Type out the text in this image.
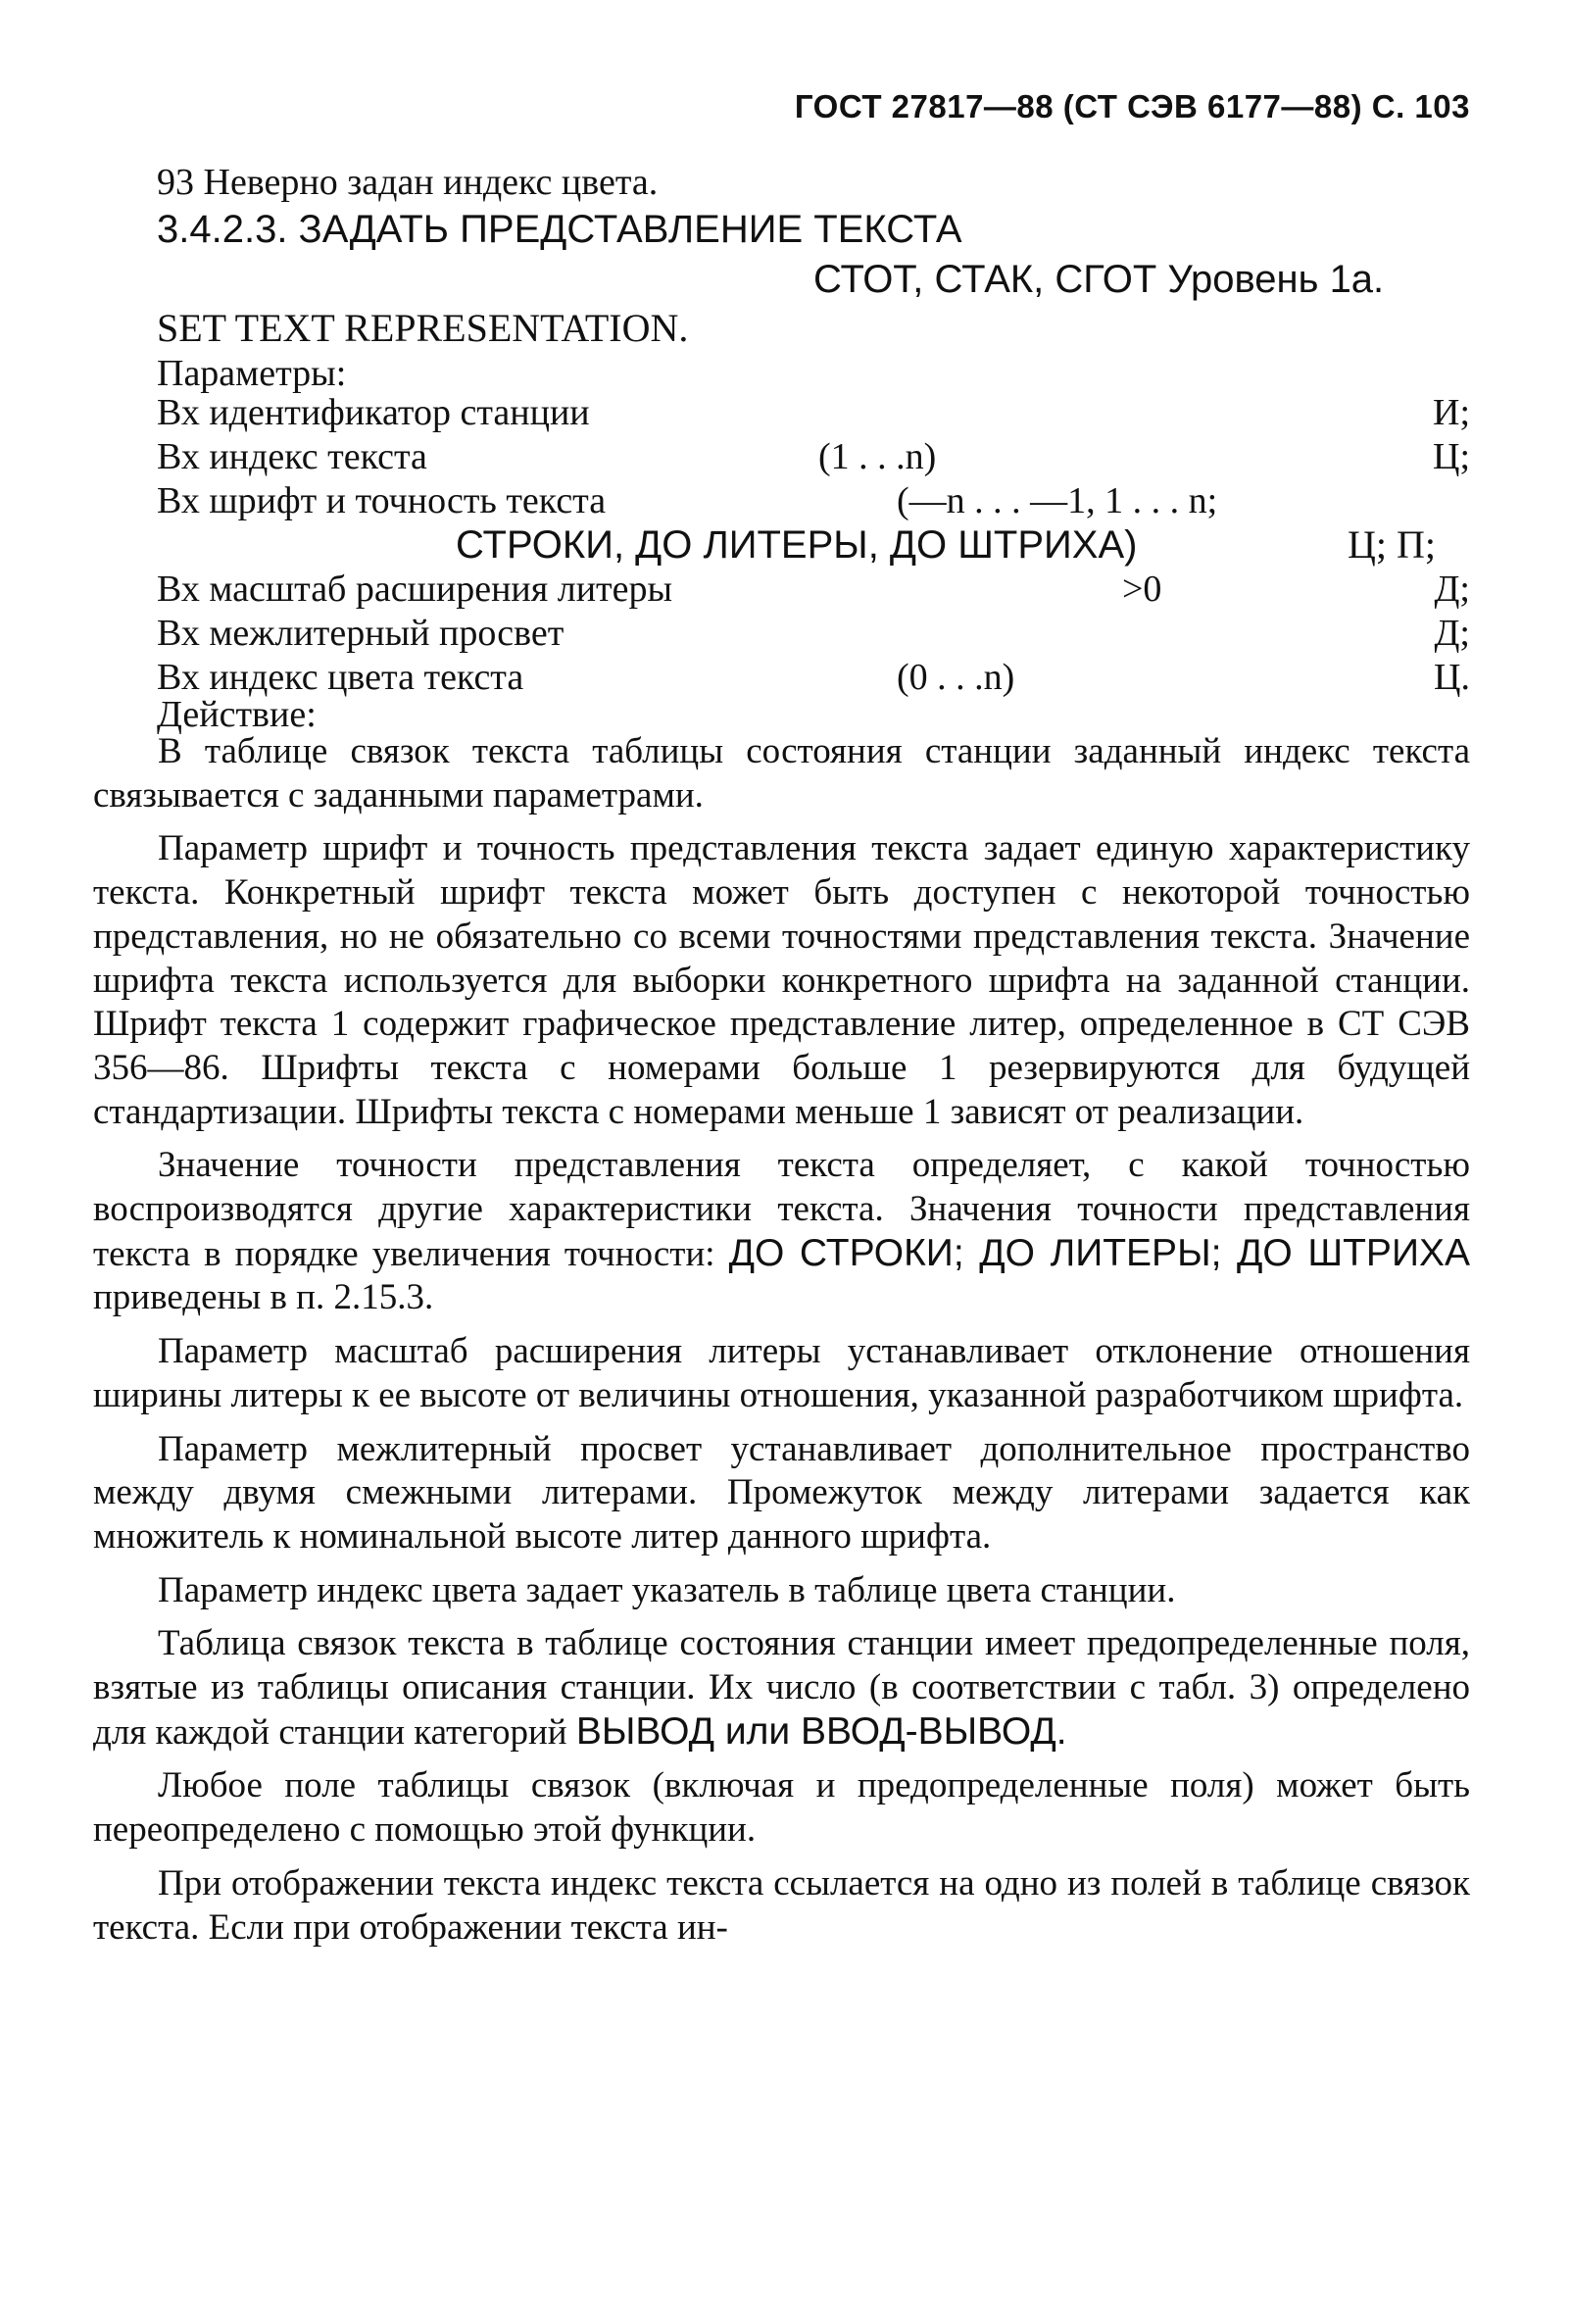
ГОСТ 27817—88 (СТ СЭВ 6177—88) С. 103
93 Неверно задан индекс цвета.
3.4.2.3. ЗАДАТЬ ПРЕДСТАВЛЕНИЕ ТЕКСТА
СТОТ, СТАК, СГОТ Уровень 1а.
SET TEXT REPRESENTATION.
Параметры:
Вх идентификатор станции	И;
Вх индекс текста	(1 . . .n)	Ц;
Вх шрифт и точность текста	(—n . . . —1, 1 . . . n;
СТРОКИ, ДО ЛИТЕРЫ, ДО ШТРИХА)	Ц; П;
Вх масштаб расширения литеры	>0	Д;
Вх межлитерный просвет	Д;
Вх индекс цвета текста	(0 . . .n)	Ц.
Действие:

В таблице связок текста таблицы состояния станции заданный индекс текста связывается с заданными параметрами.

Параметр шрифт и точность представления текста задает единую характеристику текста. Конкретный шрифт текста может быть доступен с некоторой точностью представления, но не обязательно со всеми точностями представления текста. Значение шрифта текста используется для выборки конкретного шрифта на заданной станции. Шрифт текста 1 содержит графическое представление литер, определенное в СТ СЭВ 356—86. Шрифты текста с номерами больше 1 резервируются для будущей стандартизации. Шрифты текста с номерами меньше 1 зависят от реализации.

Значение точности представления текста определяет, с какой точностью воспроизводятся другие характеристики текста. Значения точности представления текста в порядке увеличения точности: ДО СТРОКИ; ДО ЛИТЕРЫ; ДО ШТРИХА приведены в п. 2.15.3.

Параметр масштаб расширения литеры устанавливает отклонение отношения ширины литеры к ее высоте от величины отношения, указанной разработчиком шрифта.

Параметр межлитерный просвет устанавливает дополнительное пространство между двумя смежными литерами. Промежуток между литерами задается как множитель к номинальной высоте литер данного шрифта.

Параметр индекс цвета задает указатель в таблице цвета станции.

Таблица связок текста в таблице состояния станции имеет предопределенные поля, взятые из таблицы описания станции. Их число (в соответствии с табл. 3) определено для каждой станции категорий ВЫВОД или ВВОД-ВЫВОД.

Любое поле таблицы связок (включая и предопределенные поля) может быть переопределено с помощью этой функции.

При отображении текста индекс текста ссылается на одно из полей в таблице связок текста. Если при отображении текста ин-
